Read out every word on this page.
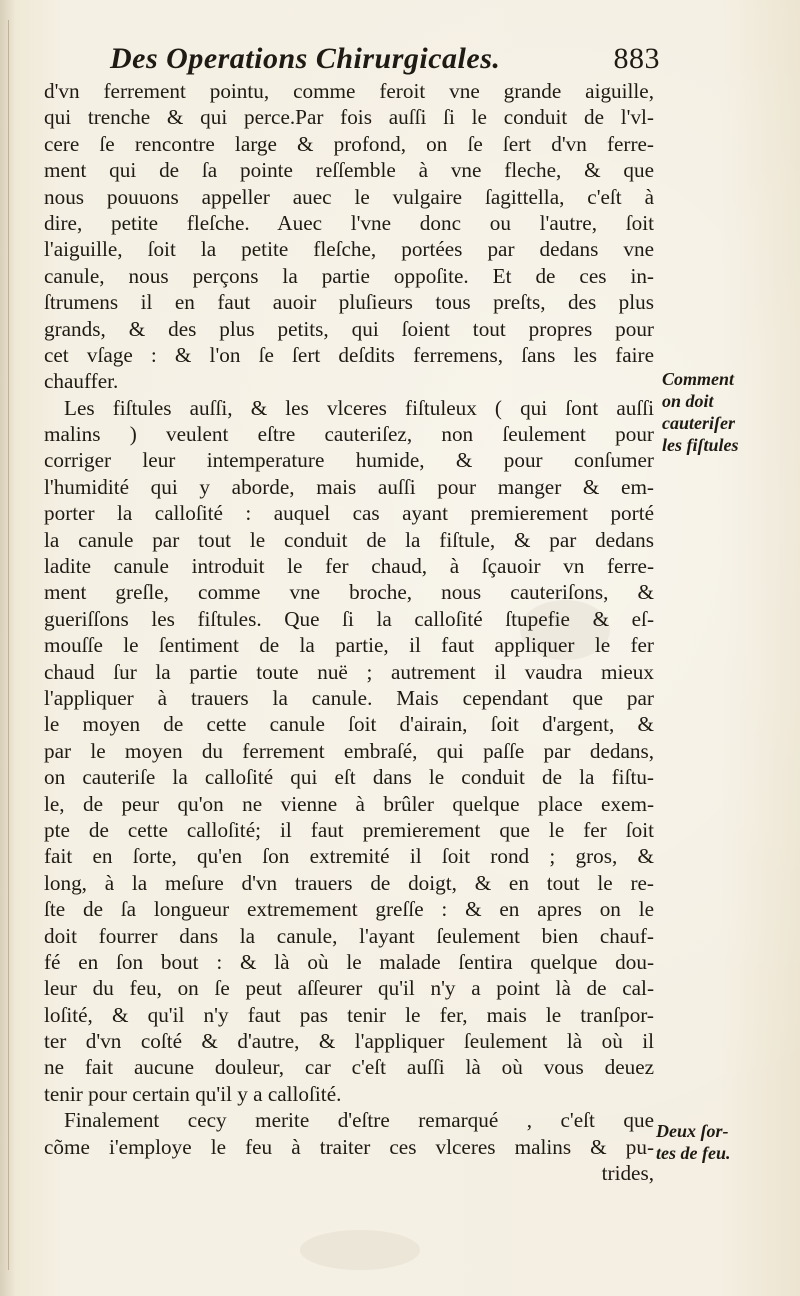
Des Operations Chirurgicales.	883
d'vn ferrement pointu, comme feroit vne grande aiguille,
qui trenche & qui perce.Par fois auſſi ſi le conduit de l'vl-
cere ſe rencontre large & profond, on ſe ſert d'vn ferre-
ment qui de ſa pointe reſſemble à vne fleche, & que
nous pouuons appeller auec le vulgaire ſagittella, c'eſt à
dire, petite fleſche. Auec l'vne donc ou l'autre, ſoit
l'aiguille, ſoit la petite fleſche, portées par dedans vne
canule, nous perçons la partie oppoſite. Et de ces in-
ſtrumens il en faut auoir pluſieurs tous preſts, des plus
grands, & des plus petits, qui ſoient tout propres pour
cet vſage : & l'on ſe ſert deſdits ferremens, ſans les faire
chauffer.
Les fiſtules auſſi, & les vlceres fiſtuleux ( qui ſont auſſi
malins ) veulent eſtre cauteriſez, non ſeulement pour
corriger leur intemperature humide, & pour conſumer
l'humidité qui y aborde, mais auſſi pour manger & em-
porter la calloſité : auquel cas ayant premierement porté
la canule par tout le conduit de la fiſtule, & par dedans
ladite canule introduit le fer chaud, à ſçauoir vn ferre-
ment greſle, comme vne broche, nous cauteriſons, &
gueriſſons les fiſtules. Que ſi la calloſité ſtupefie & eſ-
mouſſe le ſentiment de la partie, il faut appliquer le fer
chaud ſur la partie toute nuë ; autrement il vaudra mieux
l'appliquer à trauers la canule. Mais cependant que par
le moyen de cette canule ſoit d'airain, ſoit d'argent, &
par le moyen du ferrement embraſé, qui paſſe par dedans,
on cauteriſe la calloſité qui eſt dans le conduit de la fiſtu-
le, de peur qu'on ne vienne à brûler quelque place exem-
pte de cette calloſité; il faut premierement que le fer ſoit
fait en ſorte, qu'en ſon extremité il ſoit rond ; gros, &
long, à la meſure d'vn trauers de doigt, & en tout le re-
ſte de ſa longueur extremement greſſe : & en apres on le
doit fourrer dans la canule, l'ayant ſeulement bien chauf-
fé en ſon bout : & là où le malade ſentira quelque dou-
leur du feu, on ſe peut aſſeurer qu'il n'y a point là de cal-
loſité, & qu'il n'y faut pas tenir le fer, mais le tranſpor-
ter d'vn coſté & d'autre, & l'appliquer ſeulement là où il
ne fait aucune douleur, car c'eſt auſſi là où vous deuez
tenir pour certain qu'il y a calloſité.
Finalement cecy merite d'eſtre remarqué , c'eſt que
cõme i'employe le feu à traiter ces vlceres malins & pu-
trides,
Comment
on doit
cauteriſer
les fiſtules
Deux ſor-
tes de feu.
